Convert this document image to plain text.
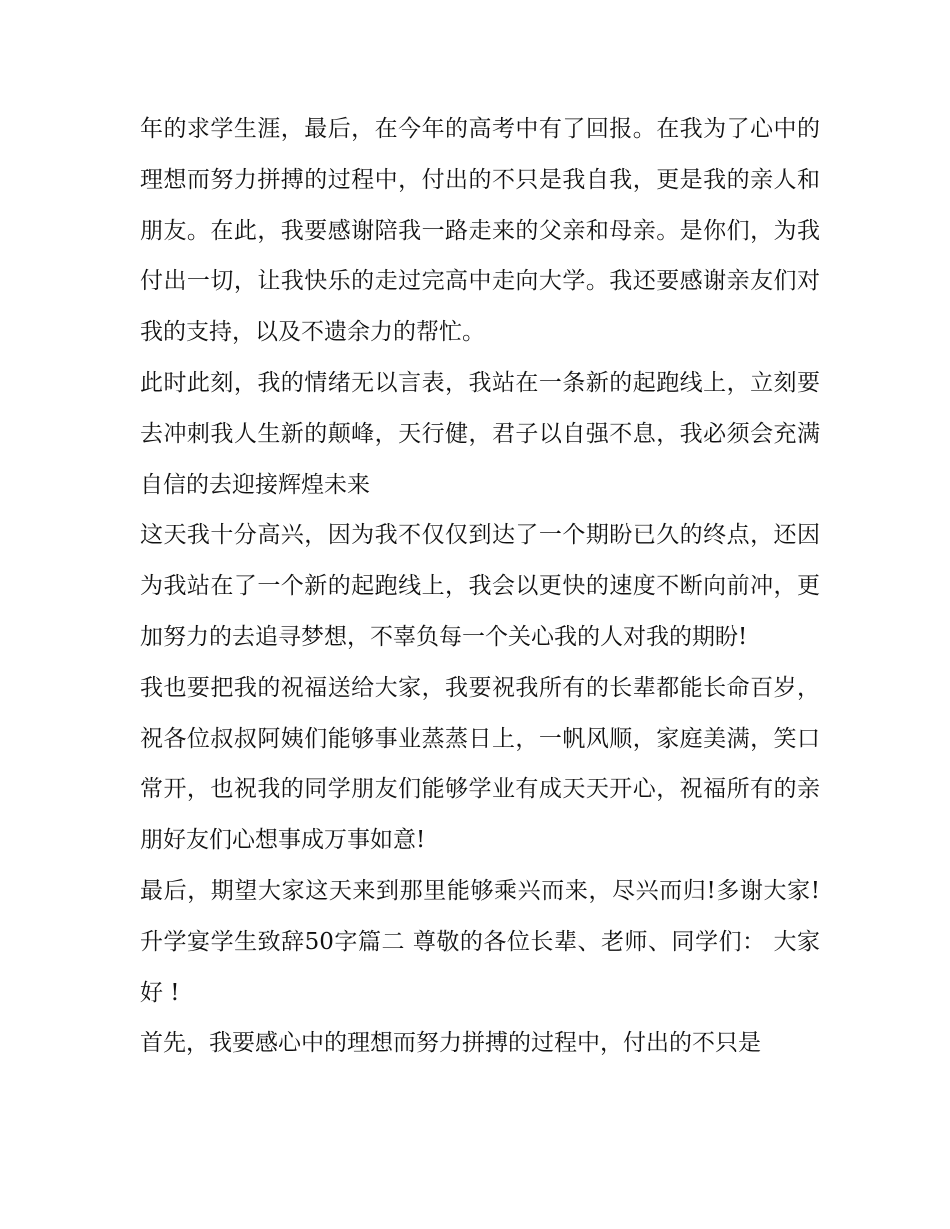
年的求学生涯，最后，在今年的高考中有了回报。在我为了心中的理想而努力拼搏的过程中，付出的不只是我自我，更是我的亲人和朋友。在此，我要感谢陪我一路走来的父亲和母亲。是你们，为我付出一切，让我快乐的走过完高中走向大学。我还要感谢亲友们对我的支持，以及不遗余力的帮忙。

此时此刻，我的情绪无以言表，我站在一条新的起跑线上，立刻要去冲刺我人生新的颠峰，天行健，君子以自强不息，我必须会充满自信的去迎接辉煌未来

这天我十分高兴，因为我不仅仅到达了一个期盼已久的终点，还因为我站在了一个新的起跑线上，我会以更快的速度不断向前冲，更加努力的去追寻梦想，不辜负每一个关心我的人对我的期盼!

我也要把我的祝福送给大家，我要祝我所有的长辈都能长命百岁，祝各位叔叔阿姨们能够事业蒸蒸日上，一帆风顺，家庭美满，笑口常开，也祝我的同学朋友们能够学业有成天天开心，祝福所有的亲朋好友们心想事成万事如意!

最后，期望大家这天来到那里能够乘兴而来，尽兴而归!多谢大家! 升学宴学生致辞50字篇二 尊敬的各位长辈、老师、同学们： 大家好 !

首先，我要感心中的理想而努力拼搏的过程中，付出的不只是
